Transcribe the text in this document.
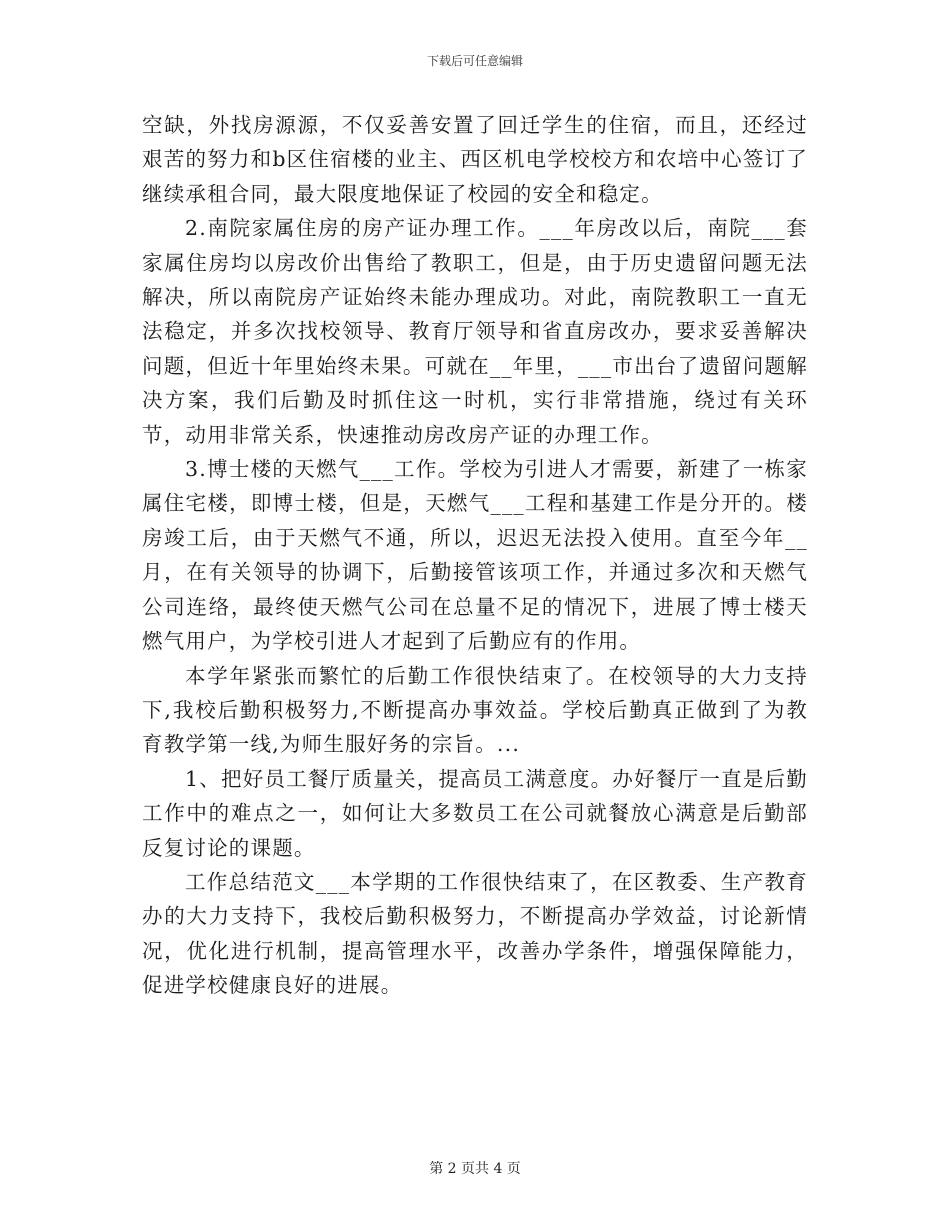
下载后可任意编辑

空缺，外找房源源，不仅妥善安置了回迁学生的住宿，而且，还经过艰苦的努力和b区住宿楼的业主、西区机电学校校方和农培中心签订了继续承租合同，最大限度地保证了校园的安全和稳定。

2.南院家属住房的房产证办理工作。___年房改以后，南院___套家属住房均以房改价出售给了教职工，但是，由于历史遗留问题无法解决，所以南院房产证始终未能办理成功。对此，南院教职工一直无法稳定，并多次找校领导、教育厅领导和省直房改办，要求妥善解决问题，但近十年里始终未果。可就在__年里，___市出台了遗留问题解决方案，我们后勤及时抓住这一时机，实行非常措施，绕过有关环节，动用非常关系，快速推动房改房产证的办理工作。

3.博士楼的天燃气___工作。学校为引进人才需要，新建了一栋家属住宅楼，即博士楼，但是，天燃气___工程和基建工作是分开的。楼房竣工后，由于天燃气不通，所以，迟迟无法投入使用。直至今年__月，在有关领导的协调下，后勤接管该项工作，并通过多次和天燃气公司连络，最终使天燃气公司在总量不足的情况下，进展了博士楼天燃气用户，为学校引进人才起到了后勤应有的作用。

本学年紧张而繁忙的后勤工作很快结束了。在校领导的大力支持下,我校后勤积极努力,不断提高办事效益。学校后勤真正做到了为教育教学第一线,为师生服好务的宗旨。...

1、把好员工餐厅质量关，提高员工满意度。办好餐厅一直是后勤工作中的难点之一，如何让大多数员工在公司就餐放心满意是后勤部反复讨论的课题。

工作总结范文___本学期的工作很快结束了，在区教委、生产教育办的大力支持下，我校后勤积极努力，不断提高办学效益，讨论新情况，优化进行机制，提高管理水平，改善办学条件，增强保障能力，促进学校健康良好的进展。

第 2 页共 4 页
